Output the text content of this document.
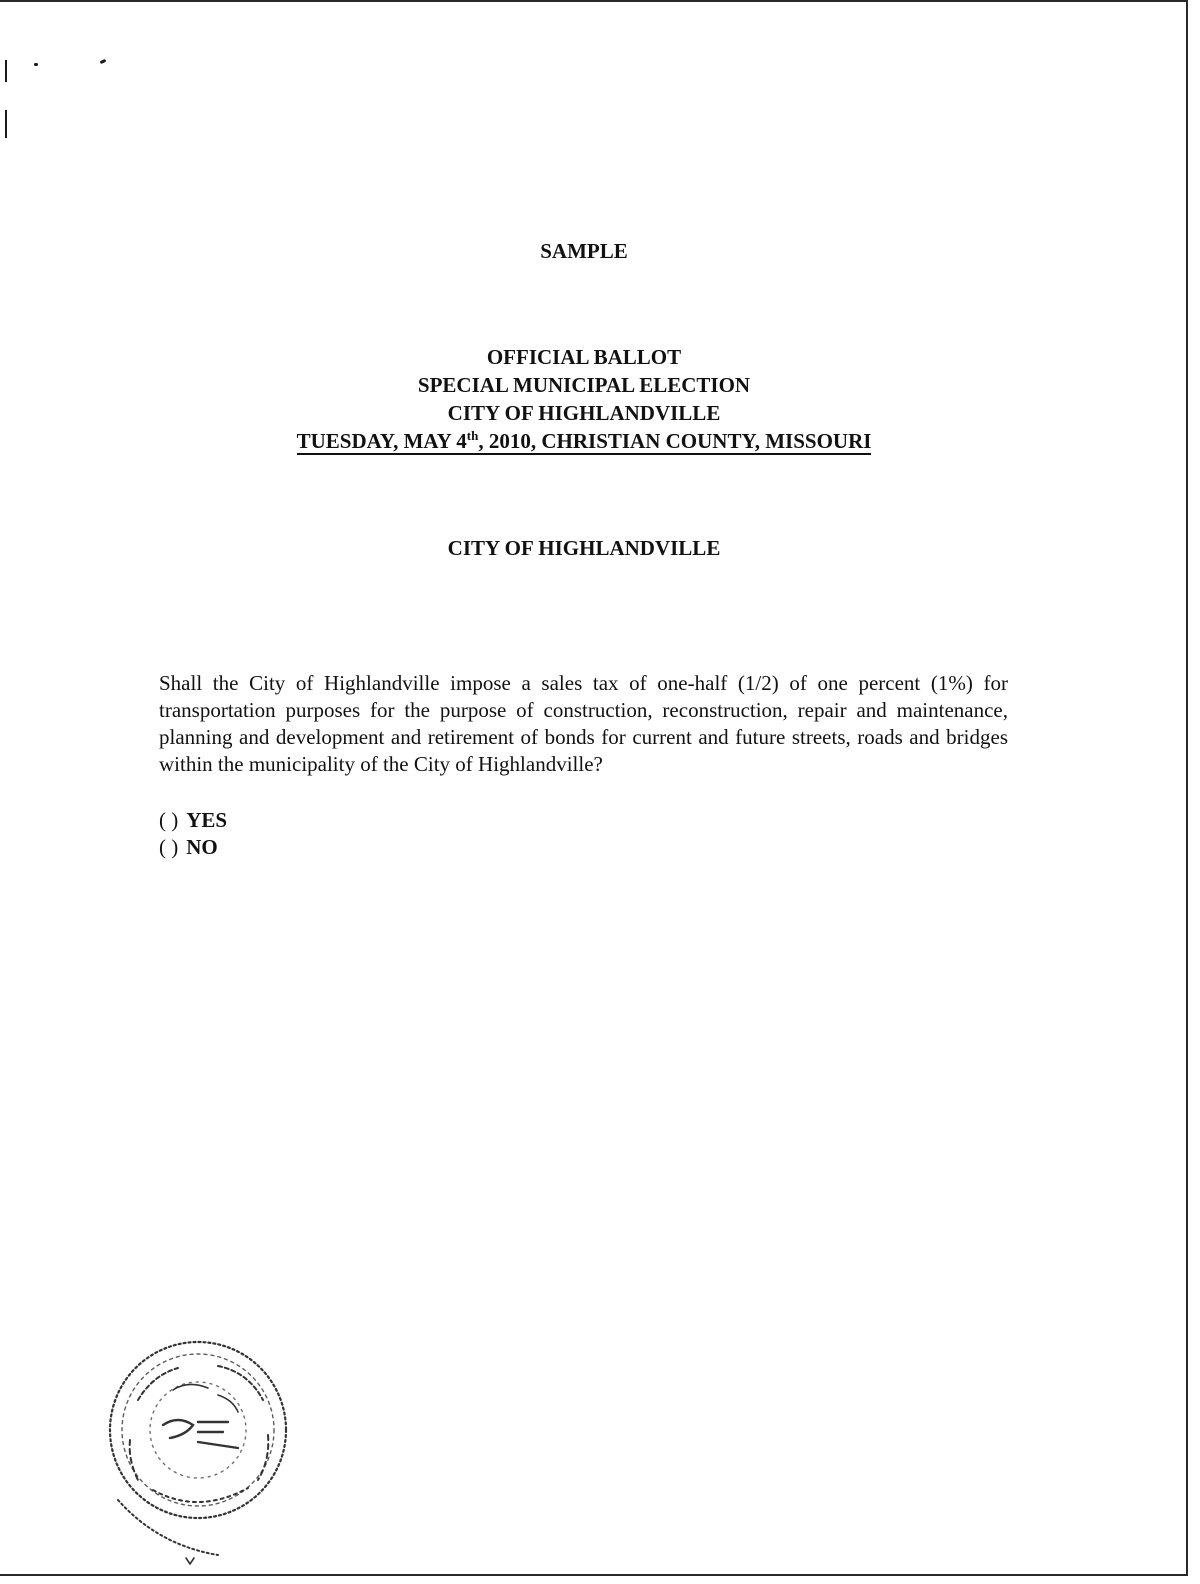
SAMPLE
OFFICIAL BALLOT
SPECIAL MUNICIPAL ELECTION
CITY OF HIGHLANDVILLE
TUESDAY, MAY 4th, 2010, CHRISTIAN COUNTY, MISSOURI
CITY OF HIGHLANDVILLE
Shall the City of Highlandville impose a sales tax of one-half (1/2) of one percent (1%) for transportation purposes for the purpose of construction, reconstruction, repair and maintenance, planning and development and retirement of bonds for current and future streets, roads and bridges within the municipality of the City of Highlandville?
( ) YES
( ) NO
